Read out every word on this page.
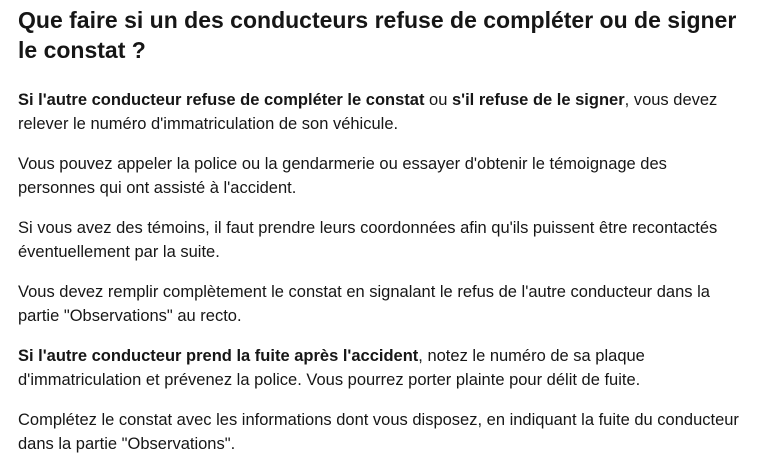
Que faire si un des conducteurs refuse de compléter ou de signer le constat ?

Si l'autre conducteur refuse de compléter le constat ou s'il refuse de le signer, vous devez relever le numéro d'immatriculation de son véhicule.

Vous pouvez appeler la police ou la gendarmerie ou essayer d'obtenir le témoignage des personnes qui ont assisté à l'accident.

Si vous avez des témoins, il faut prendre leurs coordonnées afin qu'ils puissent être recontactés éventuellement par la suite.

Vous devez remplir complètement le constat en signalant le refus de l'autre conducteur dans la partie "Observations" au recto.

Si l'autre conducteur prend la fuite après l'accident, notez le numéro de sa plaque d'immatriculation et prévenez la police. Vous pourrez porter plainte pour délit de fuite.

Complétez le constat avec les informations dont vous disposez, en indiquant la fuite du conducteur dans la partie "Observations".
